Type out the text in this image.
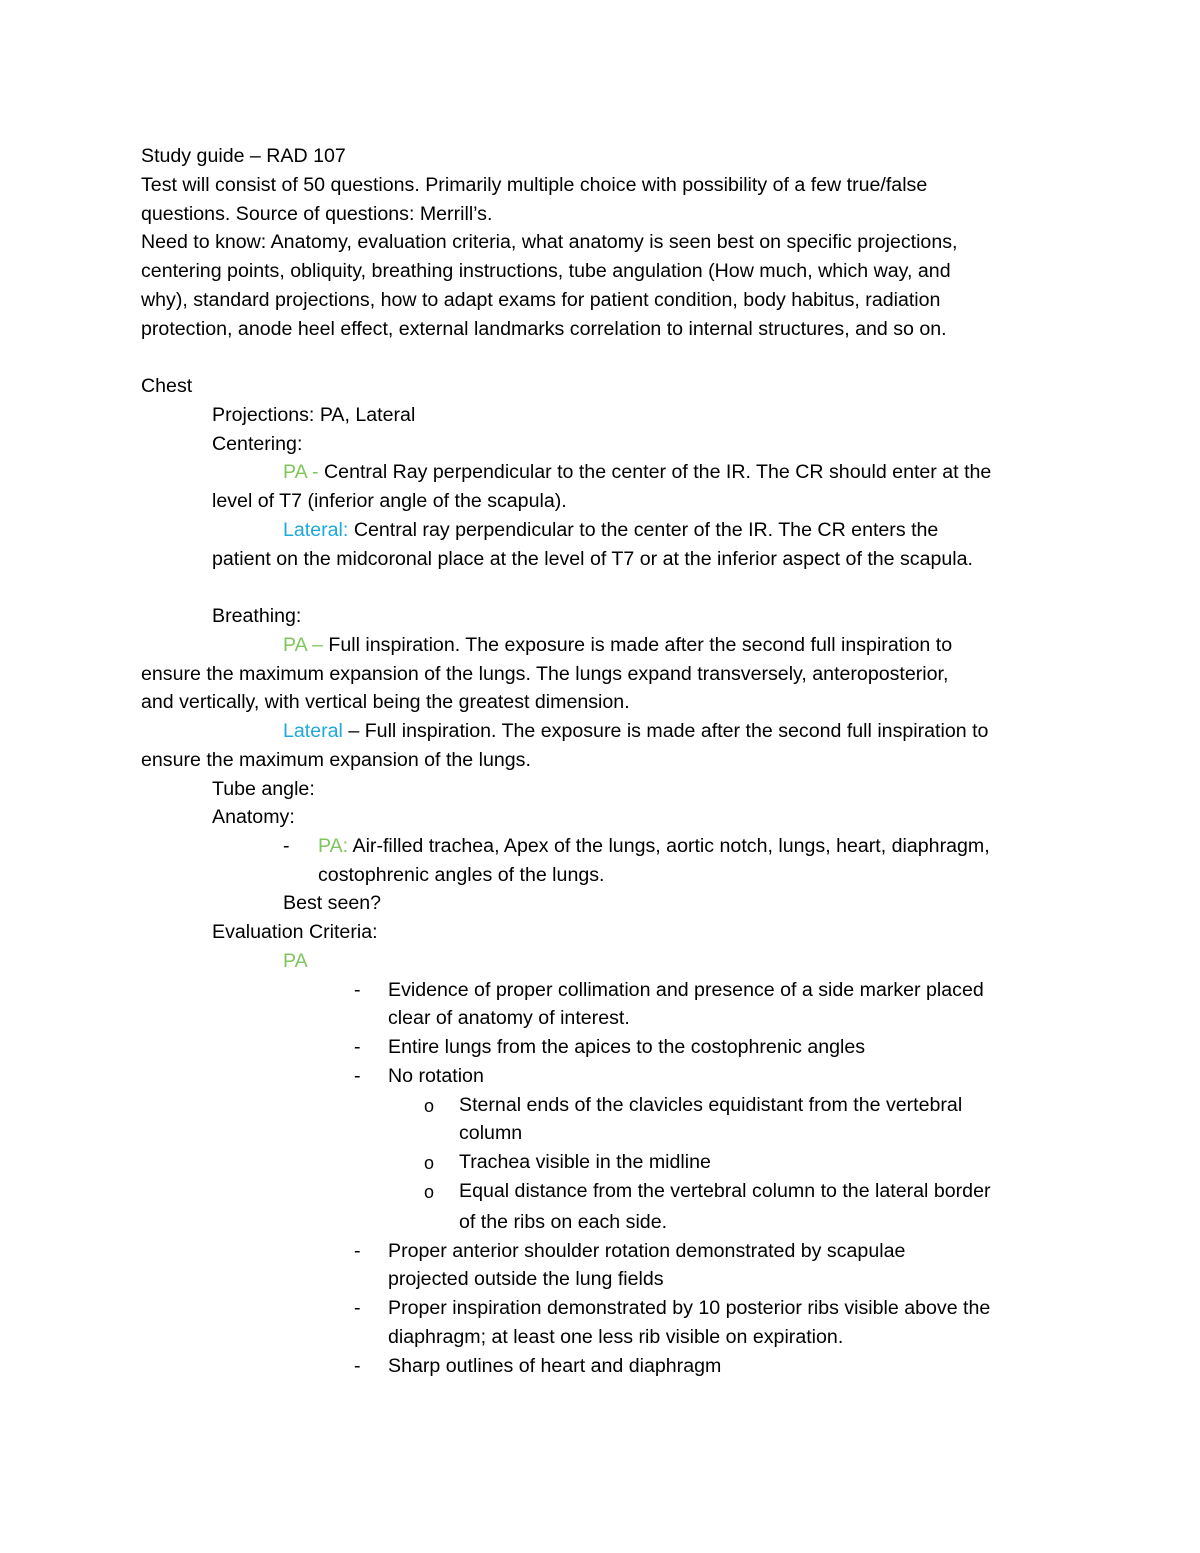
Study guide – RAD 107
Test will consist of 50 questions. Primarily multiple choice with possibility of a few true/false
questions. Source of questions: Merrill’s.
Need to know: Anatomy, evaluation criteria, what anatomy is seen best on specific projections,
centering points, obliquity, breathing instructions, tube angulation (How much, which way, and
why), standard projections, how to adapt exams for patient condition, body habitus, radiation
protection, anode heel effect, external landmarks correlation to internal structures, and so on.
Chest
Projections: PA, Lateral
Centering:
PA - Central Ray perpendicular to the center of the IR. The CR should enter at the
level of T7 (inferior angle of the scapula).
Lateral: Central ray perpendicular to the center of the IR. The CR enters the
patient on the midcoronal place at the level of T7 or at the inferior aspect of the scapula.
Breathing:
PA – Full inspiration. The exposure is made after the second full inspiration to
ensure the maximum expansion of the lungs. The lungs expand transversely, anteroposterior,
and vertically, with vertical being the greatest dimension.
Lateral – Full inspiration. The exposure is made after the second full inspiration to
ensure the maximum expansion of the lungs.
Tube angle:
Anatomy:
- PA: Air-filled trachea, Apex of the lungs, aortic notch, lungs, heart, diaphragm,
costophrenic angles of the lungs.
Best seen?
Evaluation Criteria:
PA
- Evidence of proper collimation and presence of a side marker placed
clear of anatomy of interest.
- Entire lungs from the apices to the costophrenic angles
- No rotation
o Sternal ends of the clavicles equidistant from the vertebral
column
o Trachea visible in the midline
o Equal distance from the vertebral column to the lateral border
of the ribs on each side.
- Proper anterior shoulder rotation demonstrated by scapulae
projected outside the lung fields
- Proper inspiration demonstrated by 10 posterior ribs visible above the
diaphragm; at least one less rib visible on expiration.
- Sharp outlines of heart and diaphragm
